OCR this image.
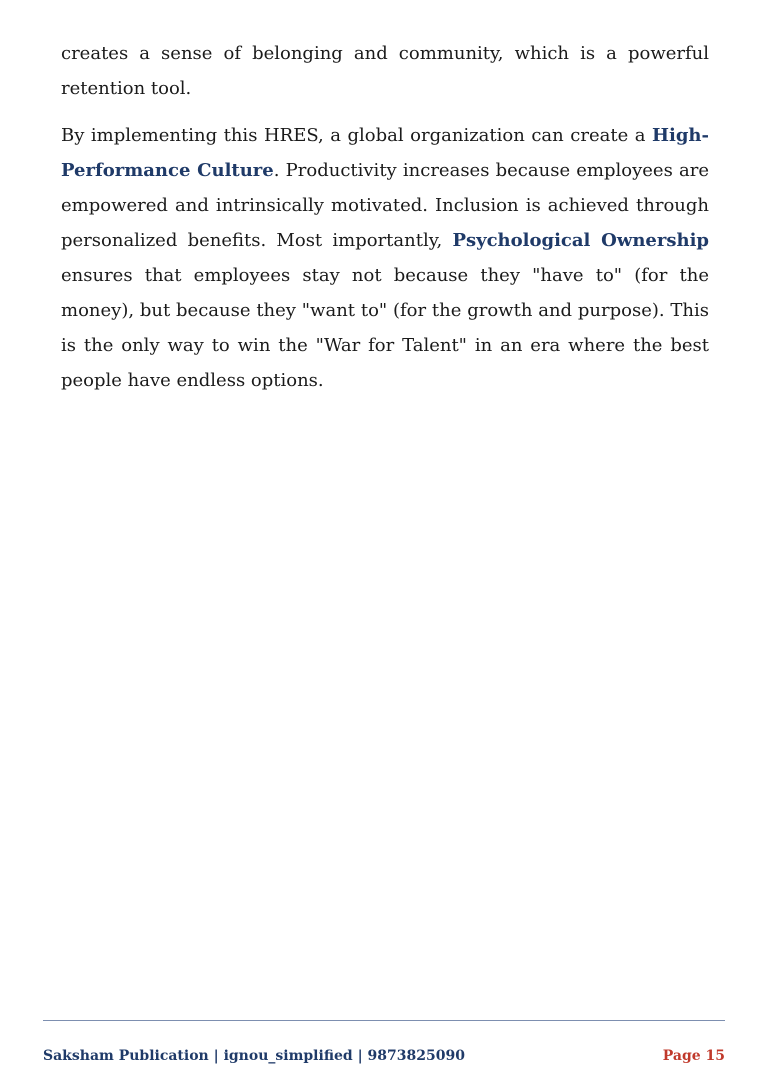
creates a sense of belonging and community, which is a powerful retention tool.

By implementing this HRES, a global organization can create a High-Performance Culture. Productivity increases because employees are empowered and intrinsically motivated. Inclusion is achieved through personalized benefits. Most importantly, Psychological Ownership ensures that employees stay not because they "have to" (for the money), but because they "want to" (for the growth and purpose). This is the only way to win the "War for Talent" in an era where the best people have endless options.

Saksham Publication | ignou_simplified | 9873825090	Page 15
